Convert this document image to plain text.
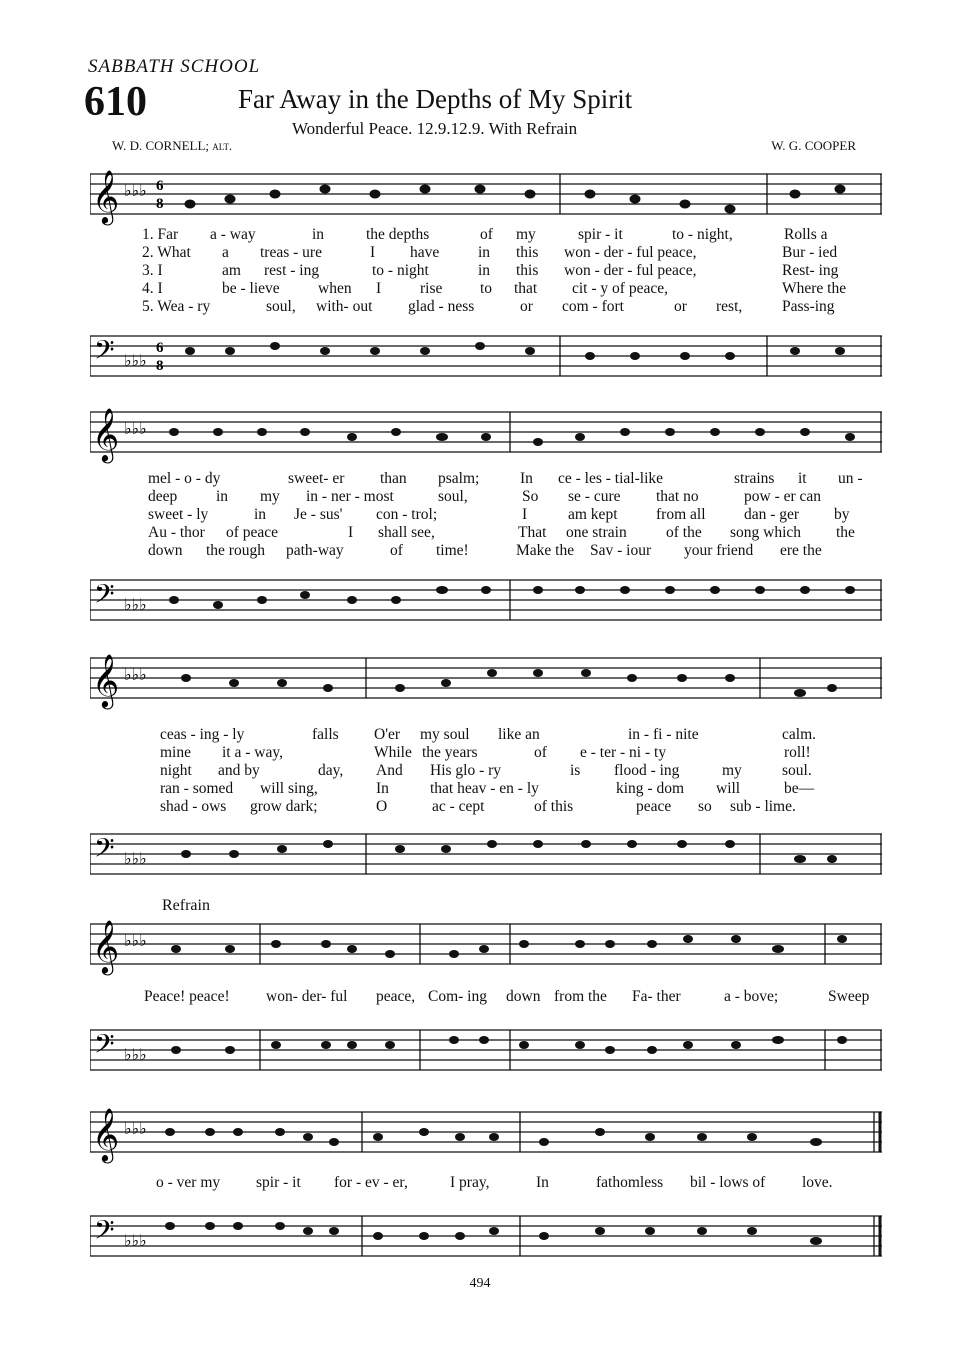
SABBATH SCHOOL
610	Far Away in the Depths of My Spirit
Wonderful Peace. 12.9.12.9. With Refrain
W. D. CORNELL; alt.	W. G. COOPER
𝄞 ♭♭♭ 6
8
1. Far a - way	in	the depths	of my	spir - it	to - night,	Rolls a
2. What a treas - ure	I have in this won - der - ful peace,	Bur - ied
3. I	am rest - ing	to - night	in this won - der - ful peace,	Rest- ing
4. I	be - lieve when I	rise to that cit - y of peace,	Where the
5. Wea - ry	soul, with- out glad - ness	or com - fort	or rest,	Pass-ing
𝄢 ♭♭♭
6
8
𝄞 ♭♭♭
mel - o - dy	sweet- er than psalm;	In ce - les - tial-like	strains it un -
deep in my in - ner - most	soul,	So se - cure that no	pow - er can
sweet - ly	in Je - sus' con - trol;	I	am kept from all dan - ger by
Au - thor of peace	I shall see,	That one strain	of the song which the
down the rough path-way	of time!	Make the Sav - iour your friend ere the
𝄢 ♭♭♭
𝄞 ♭♭♭
ceas - ing - ly	falls O'er my soul like an	in - fi - nite	calm.
mine it a - way,	While the years	of e - ter - ni - ty	roll!
night and by	day, And His glo - ry	is flood - ing	my	soul.
ran - somed will sing,	In	that heav - en - ly	king - dom will	be—
shad - ows grow dark;	O	ac - cept	of this	peace so sub - lime.
𝄢 ♭♭♭
Refrain
𝄞 ♭♭♭
Peace! peace! won- der- ful peace, Com- ing down from the Fa- ther	a - bove;	Sweep
𝄢 ♭♭♭
𝄞 ♭♭♭
o - ver my spir - it for - ev - er,	I pray,	In	fathomless bil - lows of love.
𝄢 ♭♭♭
494
